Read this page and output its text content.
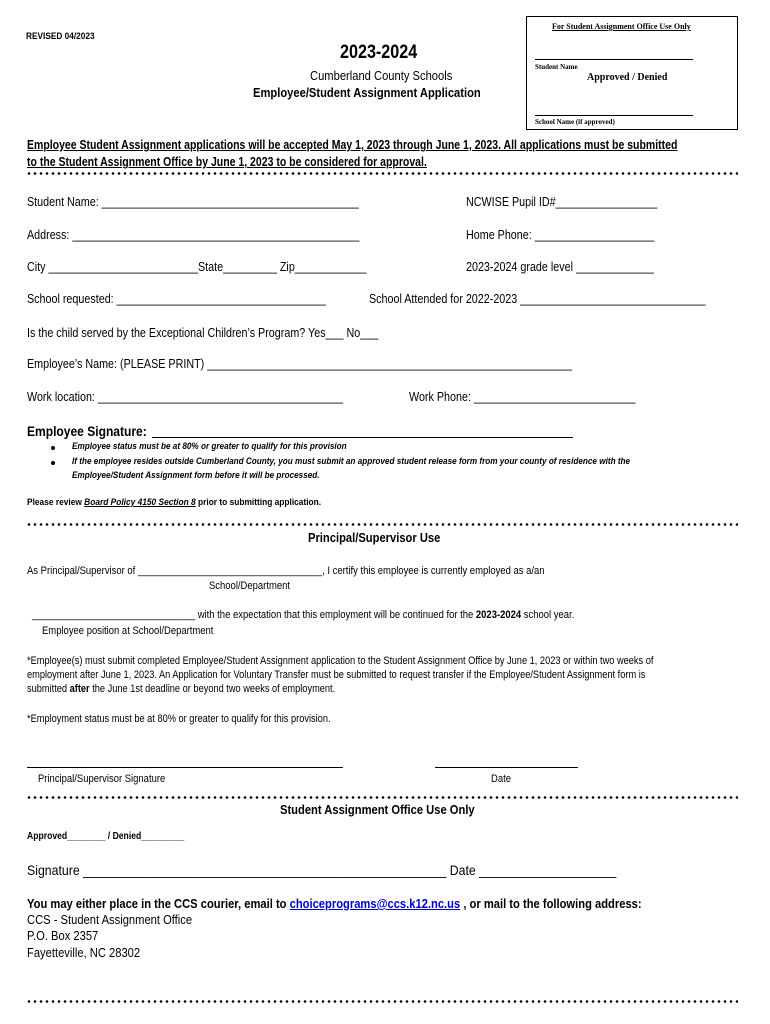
REVISED 04/2023
2023-2024
Cumberland County Schools
Employee/Student Assignment Application
For Student Assignment Office Use Only
Student Name
Approved / Denied
School Name (if approved)
Employee Student Assignment applications will be accepted May 1, 2023 through June 1, 2023. All applications must be submitted
to the Student Assignment Office by June 1, 2023 to be considered for approval.
Student Name: ___________________________________________	NCWISE Pupil ID#_________________
Address: ________________________________________________	Home Phone: ____________________
City _________________________State_________ Zip____________	2023-2024 grade level _____________
School requested: ___________________________________	School Attended for 2022-2023 _______________________________
Is the child served by the Exceptional Children’s Program? Yes___ No___
Employee’s Name: (PLEASE PRINT) _____________________________________________________________
Work location: _________________________________________	Work Phone: ___________________________
Employee Signature:
Employee status must be at 80% or greater to qualify for this provision
If the employee resides outside Cumberland County, you must submit an approved student release form from your county of residence with the
Employee/Student Assignment form before it will be processed.
Please review Board Policy 4150 Section 8 prior to submitting application.
Principal/Supervisor Use
As Principal/Supervisor of ___________________________________, I certify this employee is currently employed as a/an
School/Department
_______________________________ with the expectation that this employment will be continued for the 2023-2024 school year.
Employee position at School/Department
*Employee(s) must submit completed Employee/Student Assignment application to the Student Assignment Office by June 1, 2023 or within two weeks of
employment after June 1, 2023. An Application for Voluntary Transfer must be submitted to request transfer if the Employee/Student Assignment form is
submitted after the June 1st deadline or beyond two weeks of employment.
*Employment status must be at 80% or greater to qualify for this provision.
Principal/Supervisor Signature	Date
Student Assignment Office Use Only
Approved________ / Denied_________
Signature _____________________________________________________ Date ____________________
You may either place in the CCS courier, email to choiceprograms@ccs.k12.nc.us , or mail to the following address:
CCS - Student Assignment Office
P.O. Box 2357
Fayetteville, NC 28302
